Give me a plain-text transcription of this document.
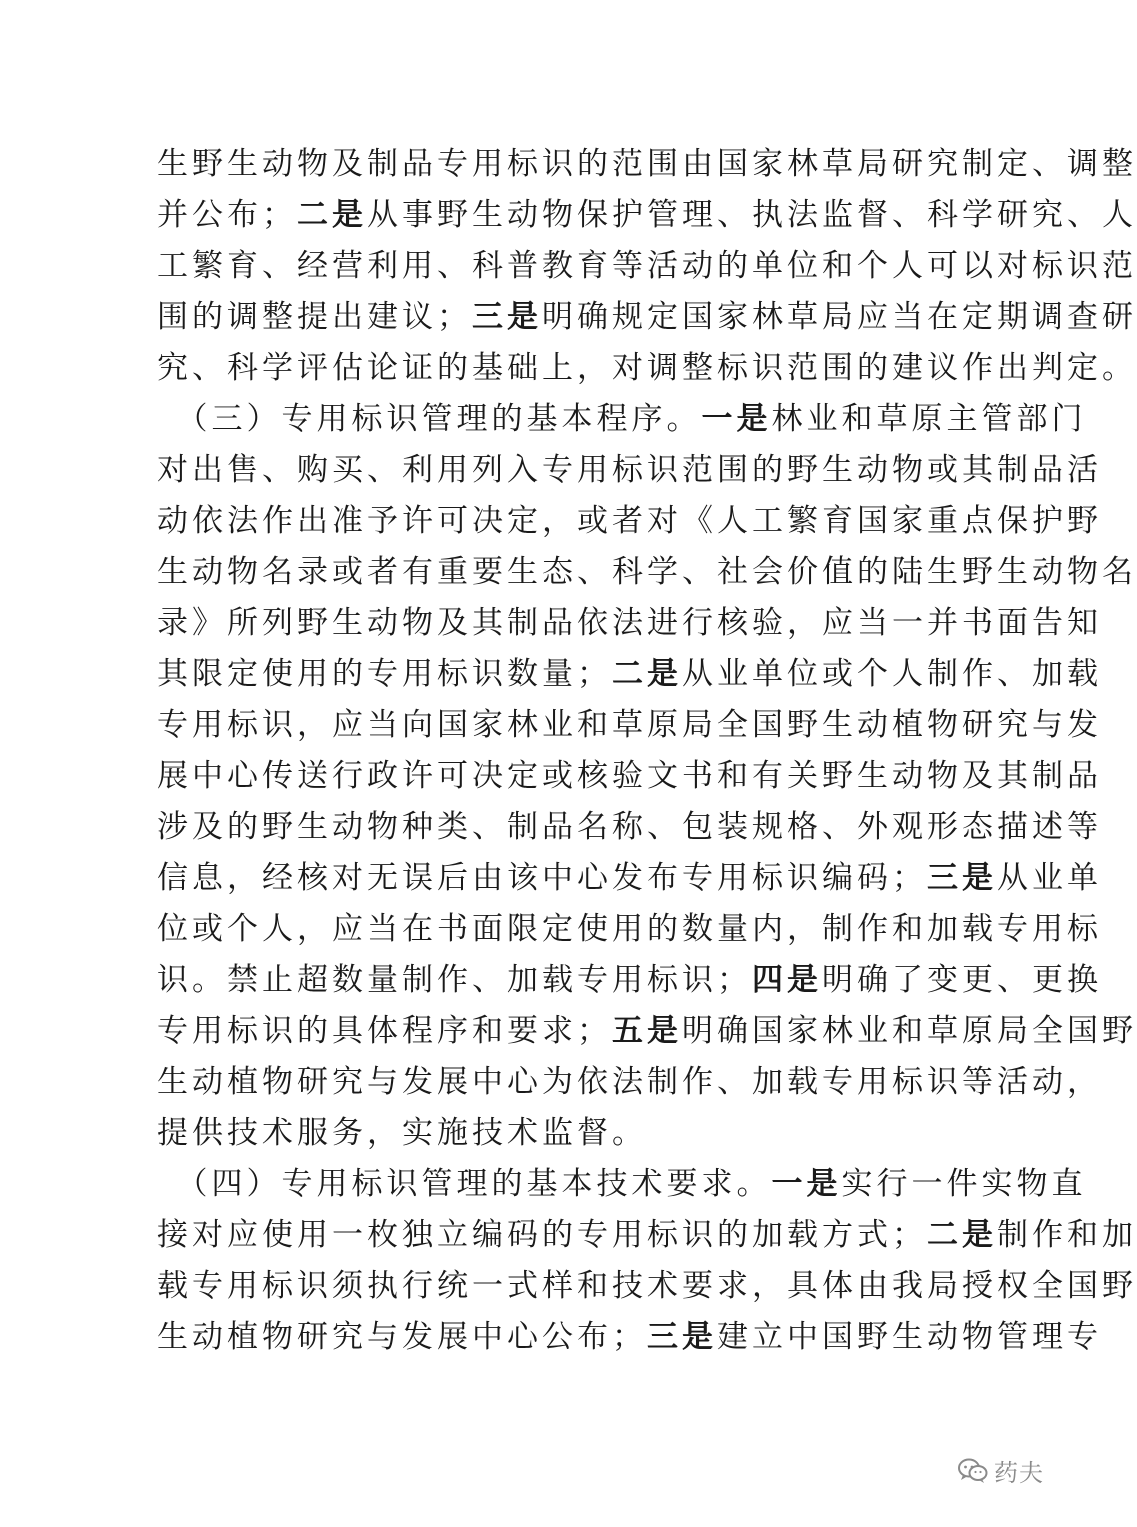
生野生动物及制品专用标识的范围由国家林草局研究制定、调整
并公布；二是从事野生动物保护管理、执法监督、科学研究、人
工繁育、经营利用、科普教育等活动的单位和个人可以对标识范
围的调整提出建议；三是明确规定国家林草局应当在定期调查研
究、科学评估论证的基础上，对调整标识范围的建议作出判定。
　（三）专用标识管理的基本程序。一是林业和草原主管部门
对出售、购买、利用列入专用标识范围的野生动物或其制品活
动依法作出准予许可决定，或者对《人工繁育国家重点保护野
生动物名录或者有重要生态、科学、社会价值的陆生野生动物名
录》所列野生动物及其制品依法进行核验，应当一并书面告知
其限定使用的专用标识数量；二是从业单位或个人制作、加载
专用标识，应当向国家林业和草原局全国野生动植物研究与发
展中心传送行政许可决定或核验文书和有关野生动物及其制品
涉及的野生动物种类、制品名称、包装规格、外观形态描述等
信息，经核对无误后由该中心发布专用标识编码；三是从业单
位或个人，应当在书面限定使用的数量内，制作和加载专用标
识。禁止超数量制作、加载专用标识；四是明确了变更、更换
专用标识的具体程序和要求；五是明确国家林业和草原局全国野
生动植物研究与发展中心为依法制作、加载专用标识等活动，
提供技术服务，实施技术监督。
　（四）专用标识管理的基本技术要求。一是实行一件实物直
接对应使用一枚独立编码的专用标识的加载方式；二是制作和加
载专用标识须执行统一式样和技术要求，具体由我局授权全国野
生动植物研究与发展中心公布；三是建立中国野生动物管理专
药夫
